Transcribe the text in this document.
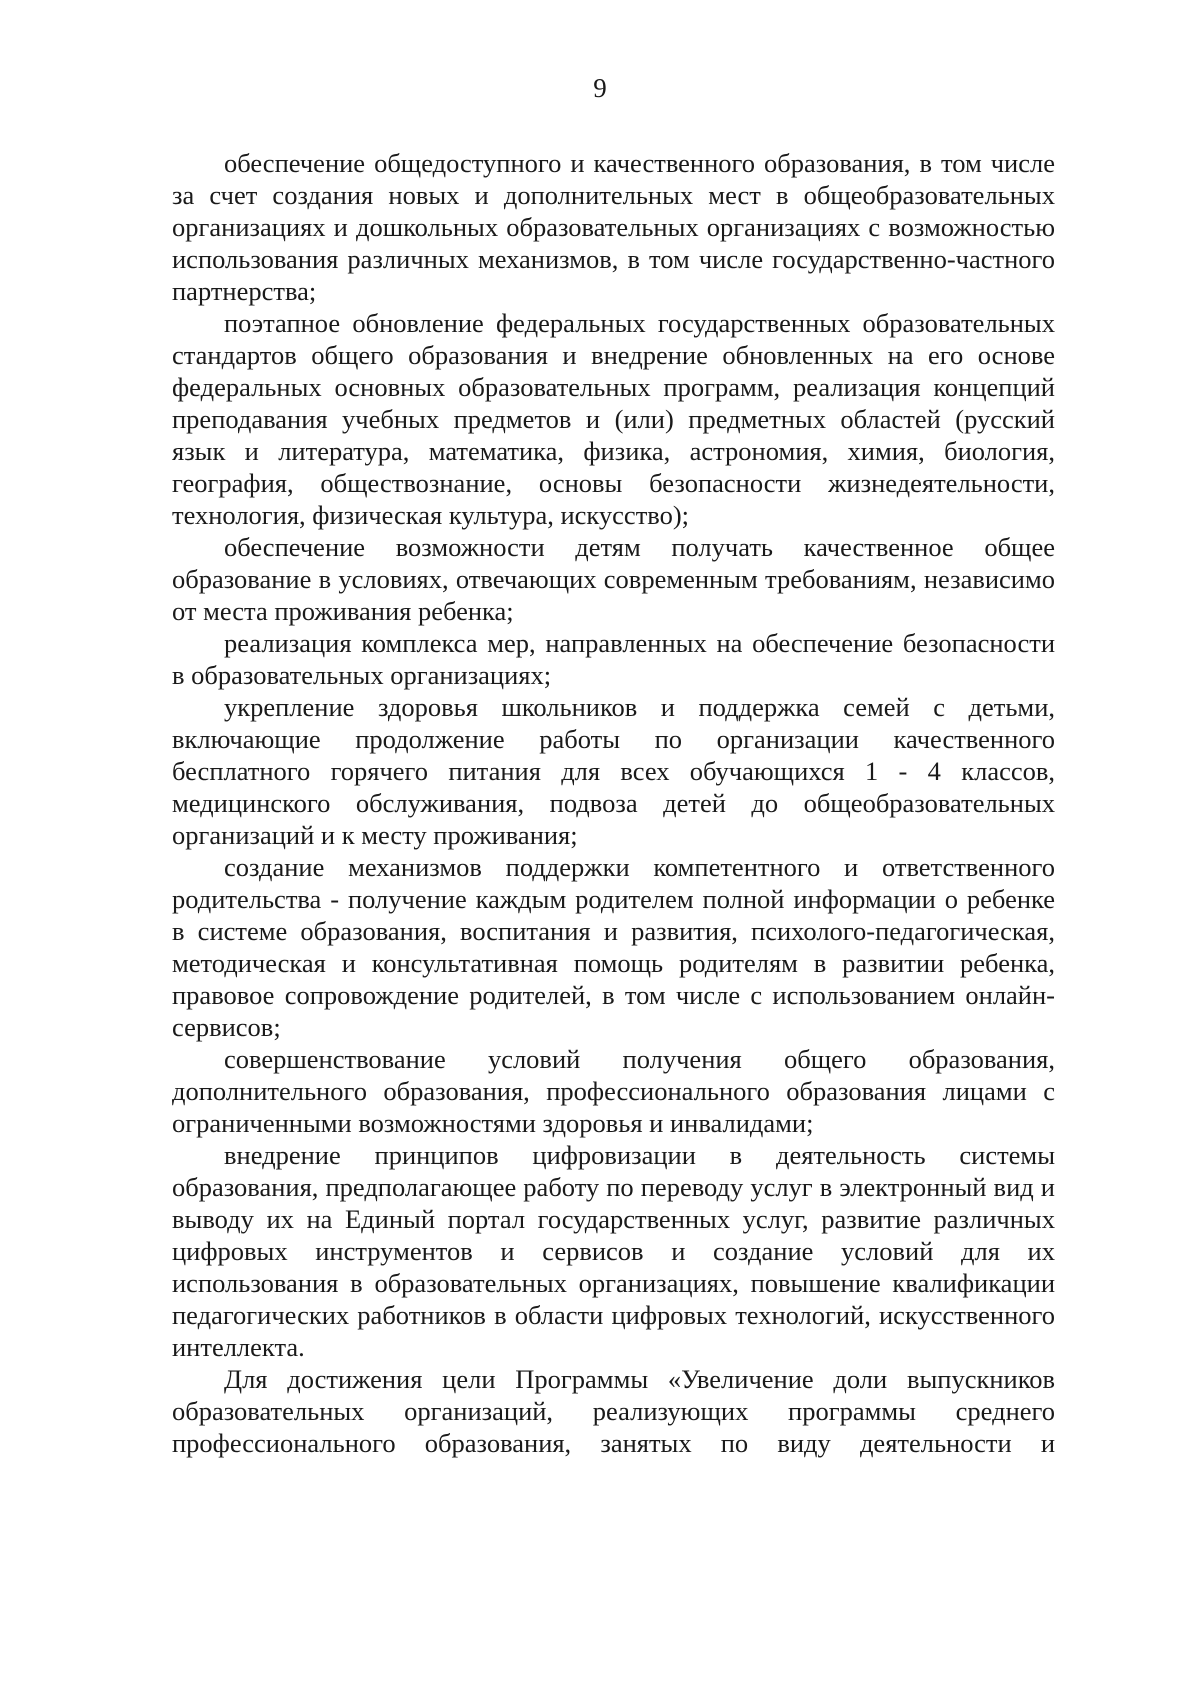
9

обеспечение общедоступного и качественного образования, в том числе за счет создания новых и дополнительных мест в общеобразовательных организациях и дошкольных образовательных организациях с возможностью использования различных механизмов, в том числе государственно-частного партнерства;

поэтапное обновление федеральных государственных образовательных стандартов общего образования и внедрение обновленных на его основе федеральных основных образовательных программ, реализация концепций преподавания учебных предметов и (или) предметных областей (русский язык и литература, математика, физика, астрономия, химия, биология, география, обществознание, основы безопасности жизнедеятельности, технология, физическая культура, искусство);

обеспечение возможности детям получать качественное общее образование в условиях, отвечающих современным требованиям, независимо от места проживания ребенка;

реализация комплекса мер, направленных на обеспечение безопасности в образовательных организациях;

укрепление здоровья школьников и поддержка семей с детьми, включающие продолжение работы по организации качественного бесплатного горячего питания для всех обучающихся 1 - 4 классов, медицинского обслуживания, подвоза детей до общеобразовательных организаций и к месту проживания;

создание механизмов поддержки компетентного и ответственного родительства - получение каждым родителем полной информации о ребенке в системе образования, воспитания и развития, психолого-педагогическая, методическая и консультативная помощь родителям в развитии ребенка, правовое сопровождение родителей, в том числе с использованием онлайн-сервисов;

совершенствование условий получения общего образования, дополнительного образования, профессионального образования лицами с ограниченными возможностями здоровья и инвалидами;

внедрение принципов цифровизации в деятельность системы образования, предполагающее работу по переводу услуг в электронный вид и выводу их на Единый портал государственных услуг, развитие различных цифровых инструментов и сервисов и создание условий для их использования в образовательных организациях, повышение квалификации педагогических работников в области цифровых технологий, искусственного интеллекта.

Для достижения цели Программы «Увеличение доли выпускников образовательных организаций, реализующих программы среднего профессионального образования, занятых по виду деятельности и
